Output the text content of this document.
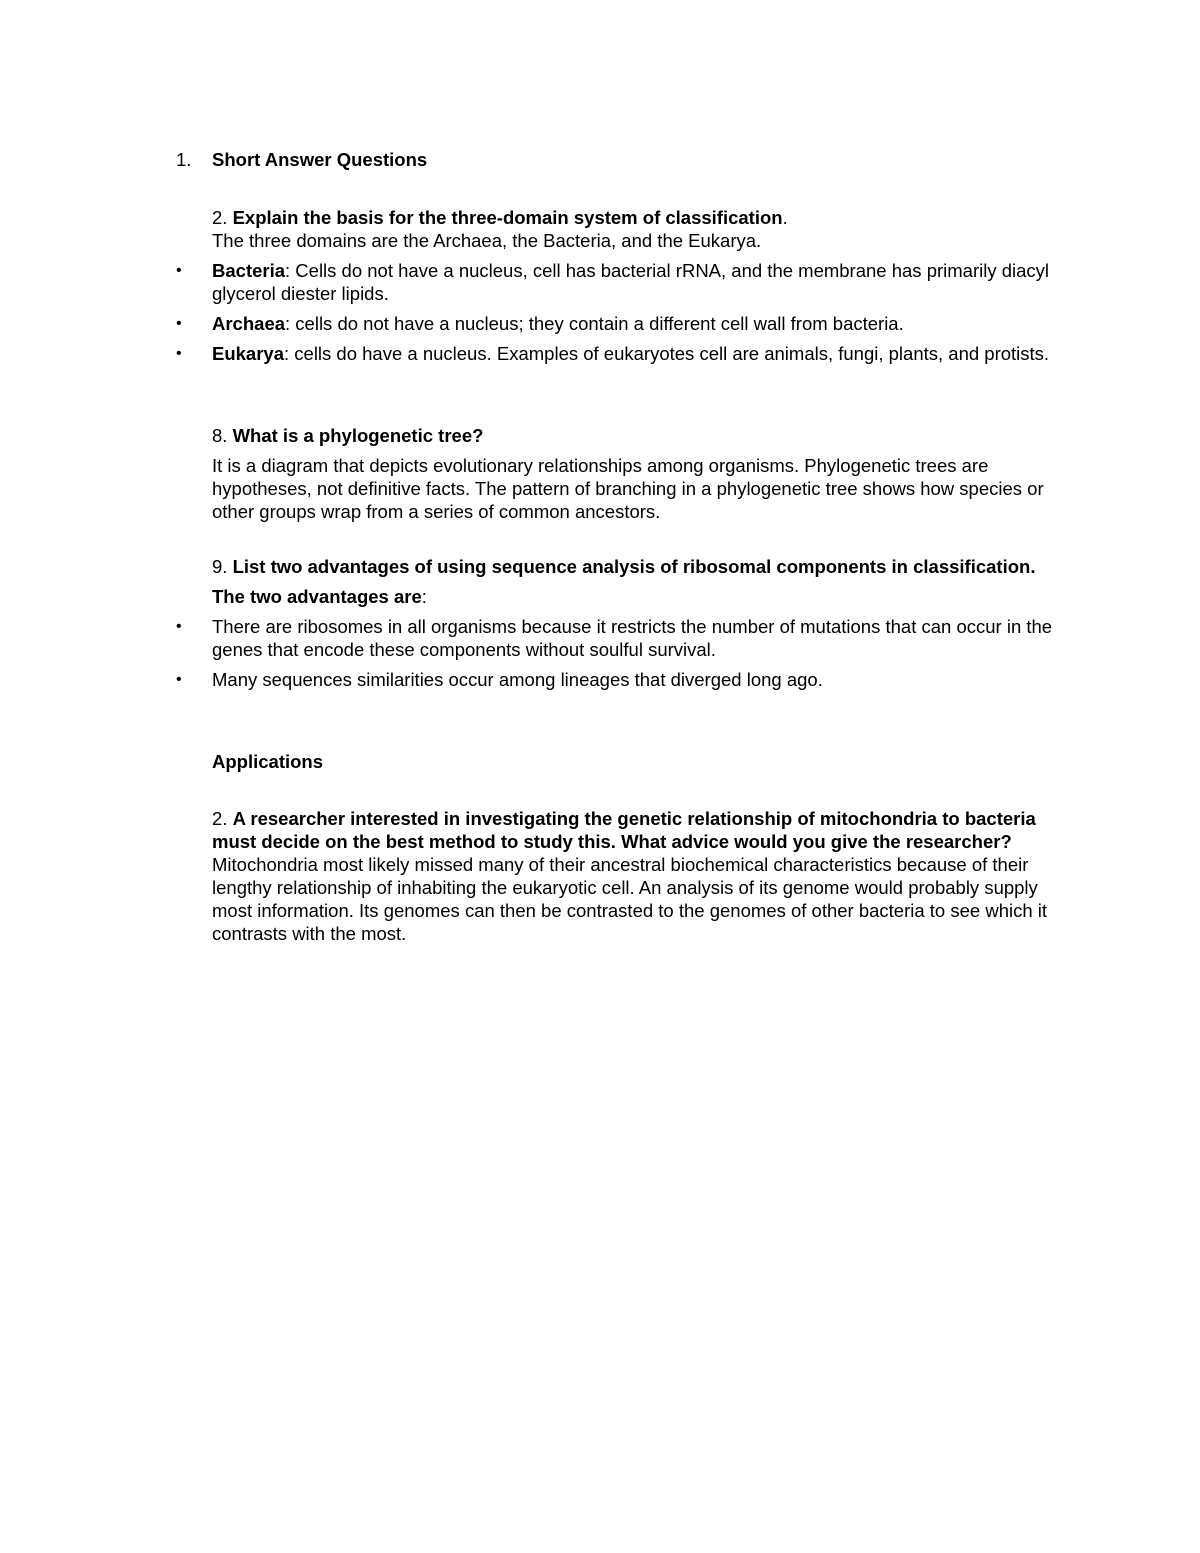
1. Short Answer Questions

2. Explain the basis for the three-domain system of classification.

The three domains are the Archaea, the Bacteria, and the Eukarya.

• Bacteria: Cells do not have a nucleus, cell has bacterial rRNA, and the membrane has primarily diacyl glycerol diester lipids.
• Archaea: cells do not have a nucleus; they contain a different cell wall from bacteria.
• Eukarya: cells do have a nucleus. Examples of eukaryotes cell are animals, fungi, plants, and protists.

8. What is a phylogenetic tree?

It is a diagram that depicts evolutionary relationships among organisms. Phylogenetic trees are hypotheses, not definitive facts. The pattern of branching in a phylogenetic tree shows how species or other groups wrap from a series of common ancestors.

9. List two advantages of using sequence analysis of ribosomal components in classification.

The two advantages are:

• There are ribosomes in all organisms because it restricts the number of mutations that can occur in the genes that encode these components without soulful survival.
• Many sequences similarities occur among lineages that diverged long ago.

Applications

2. A researcher interested in investigating the genetic relationship of mitochondria to bacteria must decide on the best method to study this. What advice would you give the researcher? Mitochondria most likely missed many of their ancestral biochemical characteristics because of their lengthy relationship of inhabiting the eukaryotic cell. An analysis of its genome would probably supply most information. Its genomes can then be contrasted to the genomes of other bacteria to see which it contrasts with the most.
